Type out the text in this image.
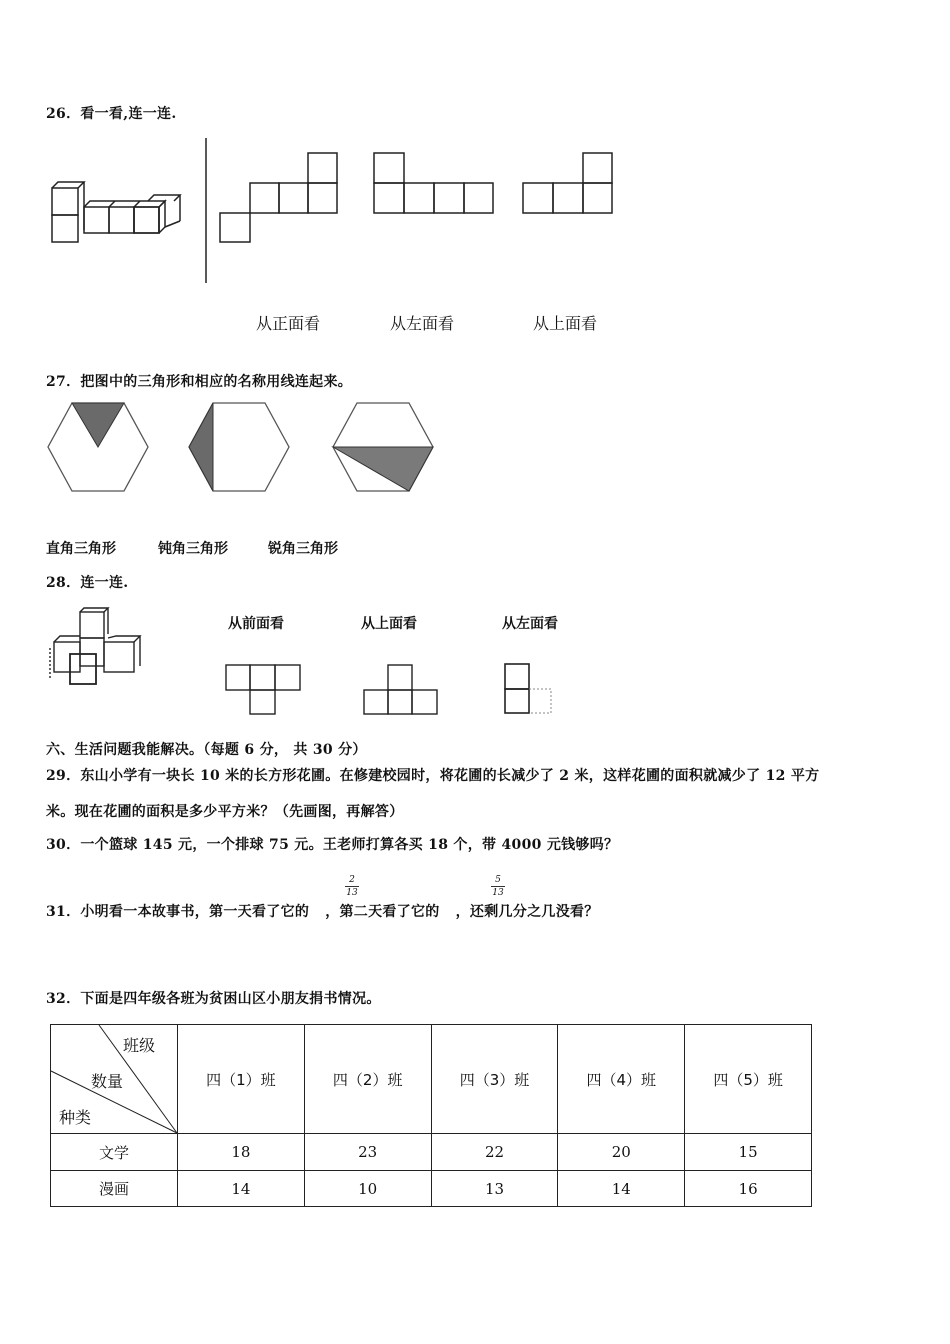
26．看一看,连一连.
从正面看	从左面看	从上面看
27．把图中的三角形和相应的名称用线连起来。
直角三角形	钝角三角形	锐角三角形
28．连一连.
从前面看	从上面看	从左面看
六、生活问题我能解决。（每题 6 分， 共 30 分）
29．东山小学有一块长 10 米的长方形花圃。在修建校园时，将花圃的长减少了 2 米，这样花圃的面积就减少了 12 平方
米。现在花圃的面积是多少平方米？（先画图，再解答）
30．一个篮球 145 元，一个排球 75 元。王老师打算各买 18 个，带 4000 元钱够吗？
31．小明看一本故事书，第一天看了它的 ，第二天看了它的 ，还剩几分之几没看？
2
13
5
13
32．下面是四年级各班为贫困山区小朋友捐书情况。
班级
数量
种类	四（1）班	四（2）班	四（3）班	四（4）班	四（5）班
文学	18	23	22	20	15
漫画	14	10	13	14	16
